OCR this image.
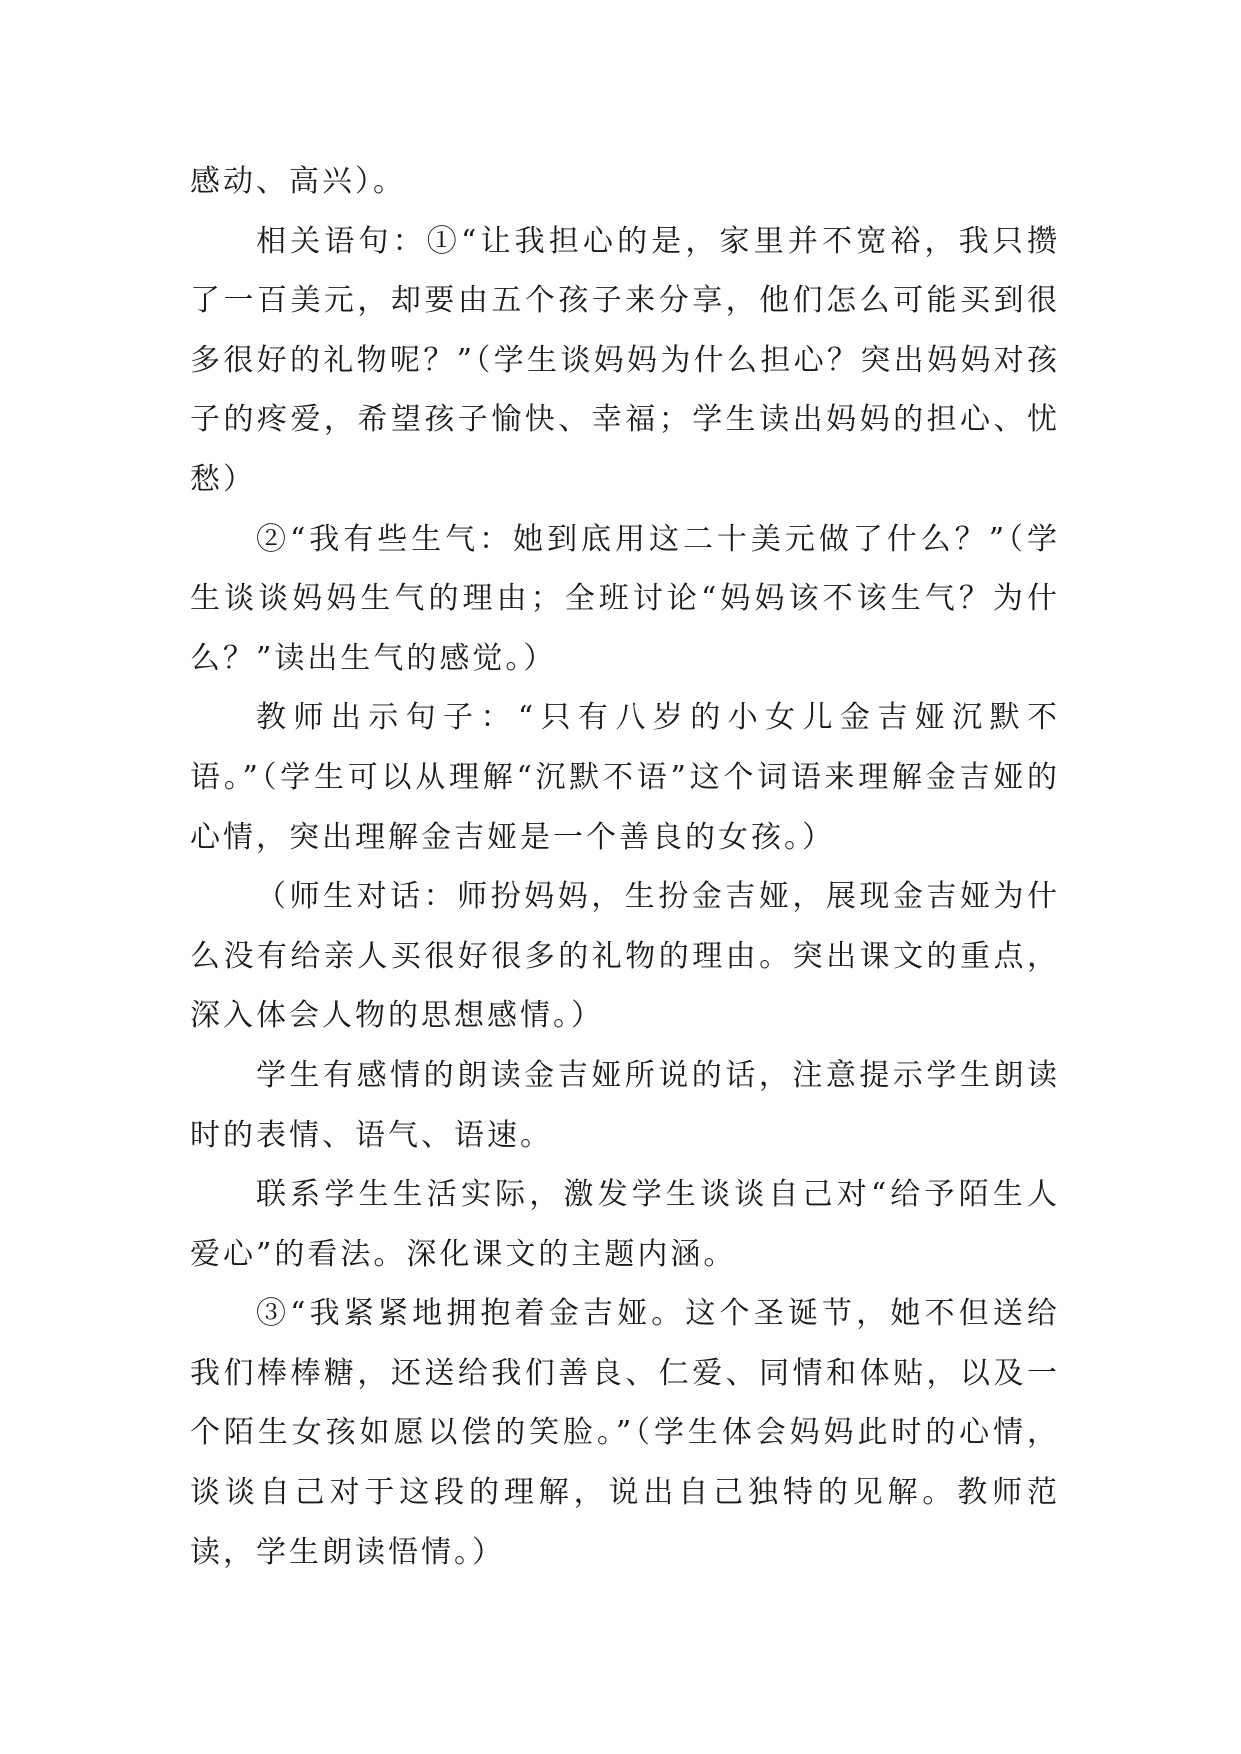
感动、高兴）。

相关语句：①“让我担心的是，家里并不宽裕，我只攒了一百美元，却要由五个孩子来分享，他们怎么可能买到很多很好的礼物呢？”（学生谈妈妈为什么担心？突出妈妈对孩子的疼爱，希望孩子愉快、幸福；学生读出妈妈的担心、忧愁）

②“我有些生气：她到底用这二十美元做了什么？”（学生谈谈妈妈生气的理由；全班讨论“妈妈该不该生气？为什么？”读出生气的感觉。）

教师出示句子：“只有八岁的小女儿金吉娅沉默不语。”（学生可以从理解“沉默不语”这个词语来理解金吉娅的心情，突出理解金吉娅是一个善良的女孩。）

（师生对话：师扮妈妈，生扮金吉娅，展现金吉娅为什么没有给亲人买很好很多的礼物的理由。突出课文的重点，深入体会人物的思想感情。）

学生有感情的朗读金吉娅所说的话，注意提示学生朗读时的表情、语气、语速。

联系学生生活实际，激发学生谈谈自己对“给予陌生人爱心”的看法。深化课文的主题内涵。

③“我紧紧地拥抱着金吉娅。这个圣诞节，她不但送给我们棒棒糖，还送给我们善良、仁爱、同情和体贴，以及一个陌生女孩如愿以偿的笑脸。”（学生体会妈妈此时的心情，谈谈自己对于这段的理解，说出自己独特的见解。教师范读，学生朗读悟情。）
